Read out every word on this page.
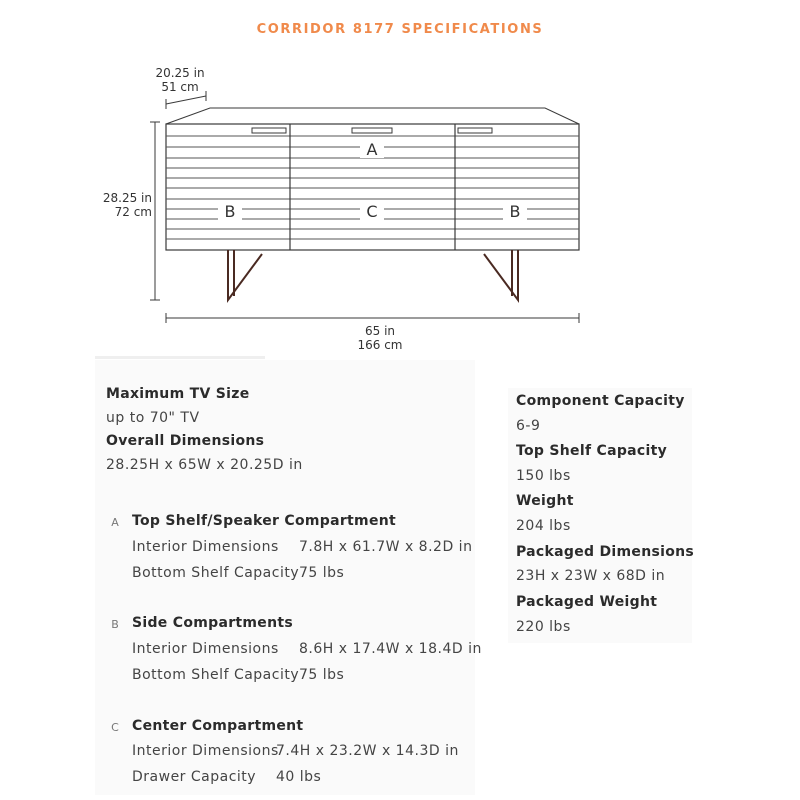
CORRIDOR 8177 SPECIFICATIONS
A
B	C	B
20.25 in
51 cm
28.25 in
72 cm
65 in
166 cm
Maximum TV Size
up to 70" TV
Overall Dimensions
28.25H x 65W x 20.25D in
A Top Shelf/Speaker Compartment
Interior Dimensions 7.8H x 61.7W x 8.2D in
Bottom Shelf Capacity 75 lbs
B Side Compartments
Interior Dimensions 8.6H x 17.4W x 18.4D in
Bottom Shelf Capacity 75 lbs
C Center Compartment
Interior Dimensions
7.4H x 23.2W x 14.3D in
Drawer Capacity 40 lbs
Component Capacity
6-9
Top Shelf Capacity
150 lbs
Weight
204 lbs
Packaged Dimensions
23H x 23W x 68D in
Packaged Weight
220 lbs
